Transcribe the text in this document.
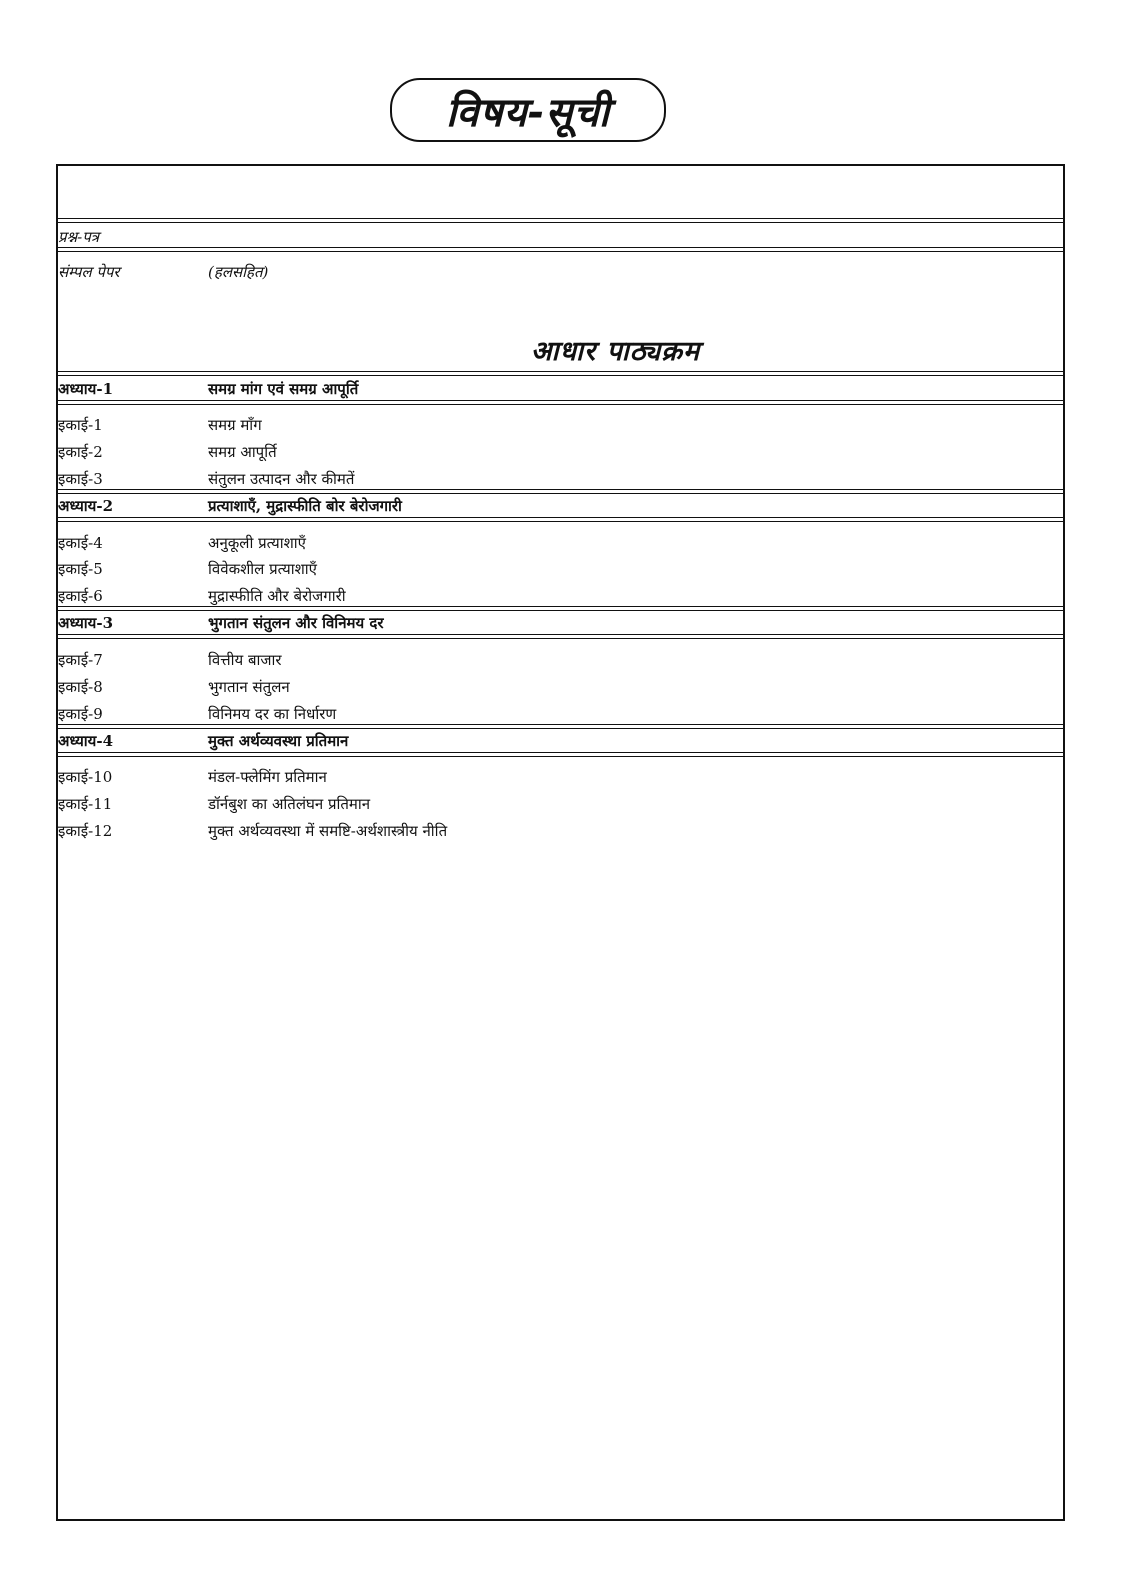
विषय-सूची
प्रश्न-पत्र
संम्पल पेपर	(हलसहित)
आधार पाठ्यक्रम
अध्याय-1	समग्र मांग एवं समग्र आपूर्ति
इकाई-1	समग्र माँग
इकाई-2	समग्र आपूर्ति
इकाई-3	संतुलन उत्पादन और कीमतें
अध्याय-2	प्रत्याशाएँ, मुद्रास्फीति बोर बेरोजगारी
इकाई-4	अनुकूली प्रत्याशाएँ
इकाई-5	विवेकशील प्रत्याशाएँ
इकाई-6	मुद्रास्फीति और बेरोजगारी
अध्याय-3	भुगतान संतुलन और विनिमय दर
इकाई-7	वित्तीय बाजार
इकाई-8	भुगतान संतुलन
इकाई-9	विनिमय दर का निर्धारण
अध्याय-4	मुक्त अर्थव्यवस्था प्रतिमान
इकाई-10	मंडल-फ्लेमिंग प्रतिमान
इकाई-11	डॉर्नबुश का अतिलंघन प्रतिमान
इकाई-12	मुक्त अर्थव्यवस्था में समष्टि-अर्थशास्त्रीय नीति
